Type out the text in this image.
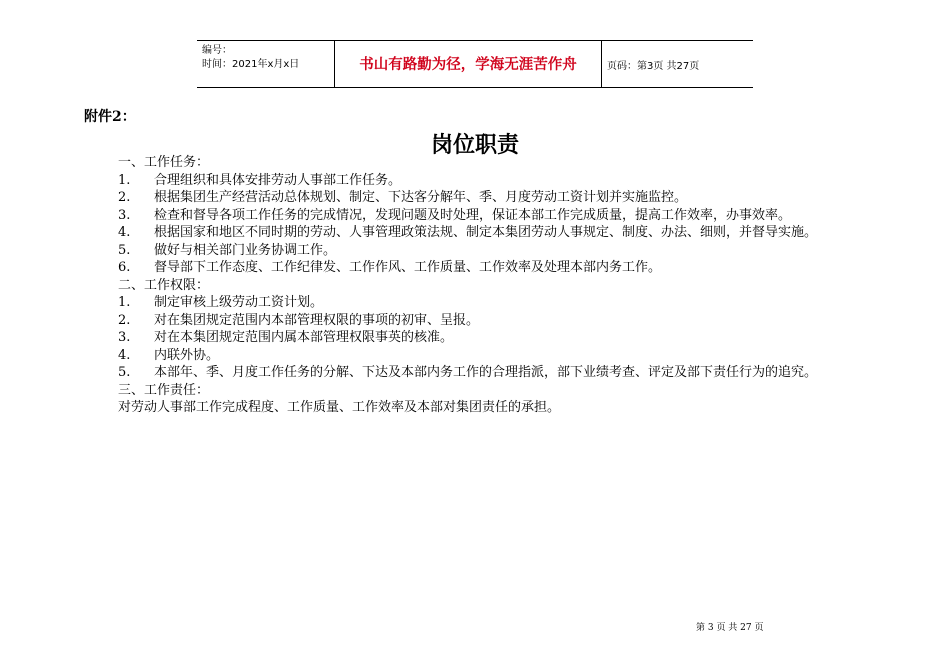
编号：
时间：2021年x月x日	书山有路勤为径，学海无涯苦作舟	页码：第3页 共27页
附件2：
岗位职责
一、工作任务：
1. 合理组织和具体安排劳动人事部工作任务。
2. 根据集团生产经营活动总体规划、制定、下达客分解年、季、月度劳动工资计划并实施监控。
3. 检查和督导各项工作任务的完成情况，发现问题及时处理，保证本部工作完成质量，提高工作效率，办事效率。
4. 根据国家和地区不同时期的劳动、人事管理政策法规、制定本集团劳动人事规定、制度、办法、细则，并督导实施。
5. 做好与相关部门业务协调工作。
6. 督导部下工作态度、工作纪律发、工作作风、工作质量、工作效率及处理本部内务工作。
二、工作权限：
1. 制定审核上级劳动工资计划。
2. 对在集团规定范围内本部管理权限的事项的初审、呈报。
3. 对在本集团规定范围内属本部管理权限事英的核准。
4. 内联外协。
5. 本部年、季、月度工作任务的分解、下达及本部内务工作的合理指派，部下业绩考查、评定及部下责任行为的追究。
三、工作责任：
对劳动人事部工作完成程度、工作质量、工作效率及本部对集团责任的承担。
第 3 页 共 27 页
